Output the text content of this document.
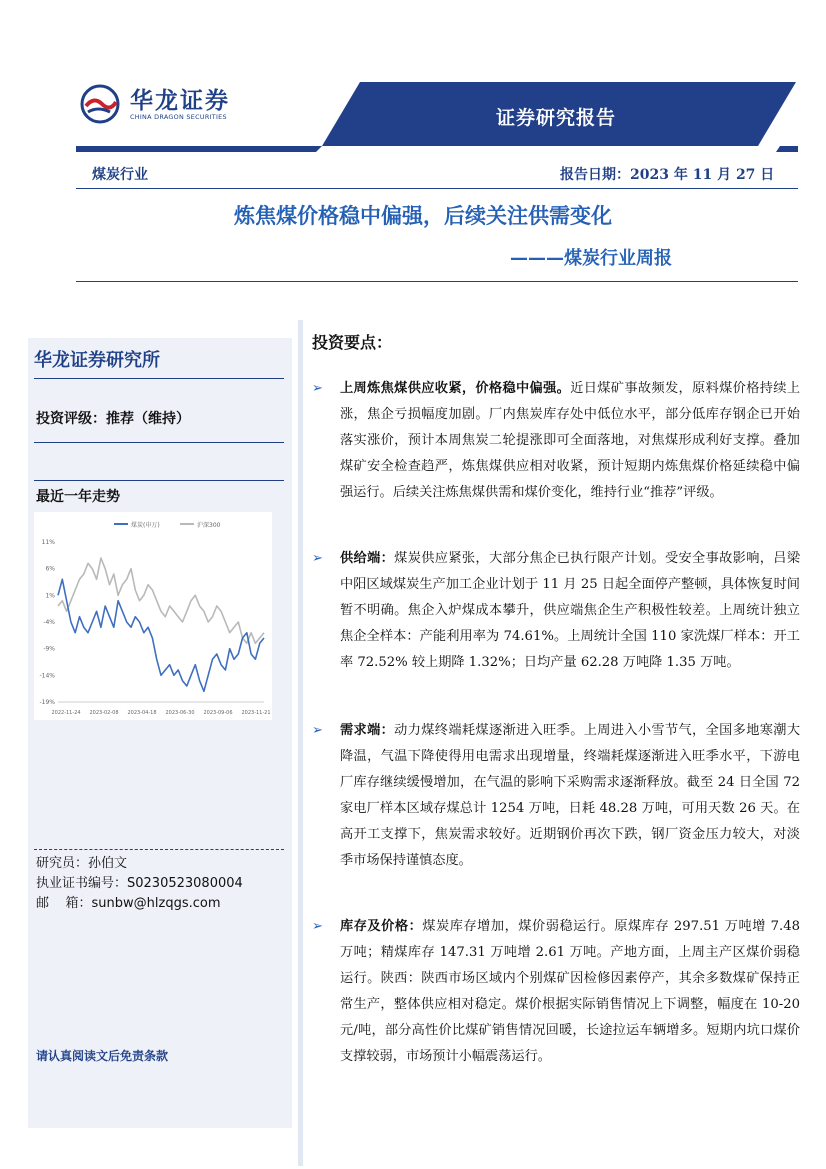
华龙证券
CHINA DRAGON SECURITIES	证券研究报告
煤炭行业	报告日期：2023 年 11 月 27 日
炼焦煤价格稳中偏强，后续关注供需变化
———煤炭行业周报
华龙证券研究所
投资评级：推荐（维持）
最近一年走势
煤炭(申万)	沪深300
11%
6%
1%
-4%
-9%
-14%
-19%
2022-11-24 2023-02-08 2023-04-18 2023-06-30 2023-09-06 2023-11-21
研究员：孙伯文
执业证书编号：S0230523080004
邮    箱：sunbw@hlzqgs.com
请认真阅读文后免责条款
投资要点：
➢ 上周炼焦煤供应收紧，价格稳中偏强。近日煤矿事故频发，原料煤价格持续上涨，焦企亏损幅度加剧。厂内焦炭库存处中低位水平，部分低库存钢企已开始落实涨价，预计本周焦炭二轮提涨即可全面落地，对焦煤形成利好支撑。叠加煤矿安全检查趋严，炼焦煤供应相对收紧，预计短期内炼焦煤价格延续稳中偏强运行。后续关注炼焦煤供需和煤价变化，维持行业“推荐”评级。
➢ 供给端：煤炭供应紧张，大部分焦企已执行限产计划。受安全事故影响，吕梁中阳区域煤炭生产加工企业计划于 11 月 25 日起全面停产整顿，具体恢复时间暂不明确。焦企入炉煤成本攀升，供应端焦企生产积极性较差。上周统计独立焦企全样本：产能利用率为 74.61%。上周统计全国 110 家洗煤厂样本：开工率 72.52% 较上期降 1.32%；日均产量 62.28 万吨降 1.35 万吨。
➢ 需求端：动力煤终端耗煤逐渐进入旺季。上周进入小雪节气，全国多地寒潮大降温，气温下降使得用电需求出现增量，终端耗煤逐渐进入旺季水平，下游电厂库存继续缓慢增加，在气温的影响下采购需求逐渐释放。截至 24 日全国 72 家电厂样本区域存煤总计 1254 万吨，日耗 48.28 万吨，可用天数 26 天。在高开工支撑下，焦炭需求较好。近期钢价再次下跌，钢厂资金压力较大，对淡季市场保持谨慎态度。
➢ 库存及价格：煤炭库存增加，煤价弱稳运行。原煤库存 297.51 万吨增 7.48 万吨；精煤库存 147.31 万吨增 2.61 万吨。产地方面，上周主产区煤价弱稳运行。陕西：陕西市场区域内个别煤矿因检修因素停产，其余多数煤矿保持正常生产，整体供应相对稳定。煤价根据实际销售情况上下调整，幅度在 10-20 元/吨，部分高性价比煤矿销售情况回暖，长途拉运车辆增多。短期内坑口煤价支撑较弱，市场预计小幅震荡运行。
